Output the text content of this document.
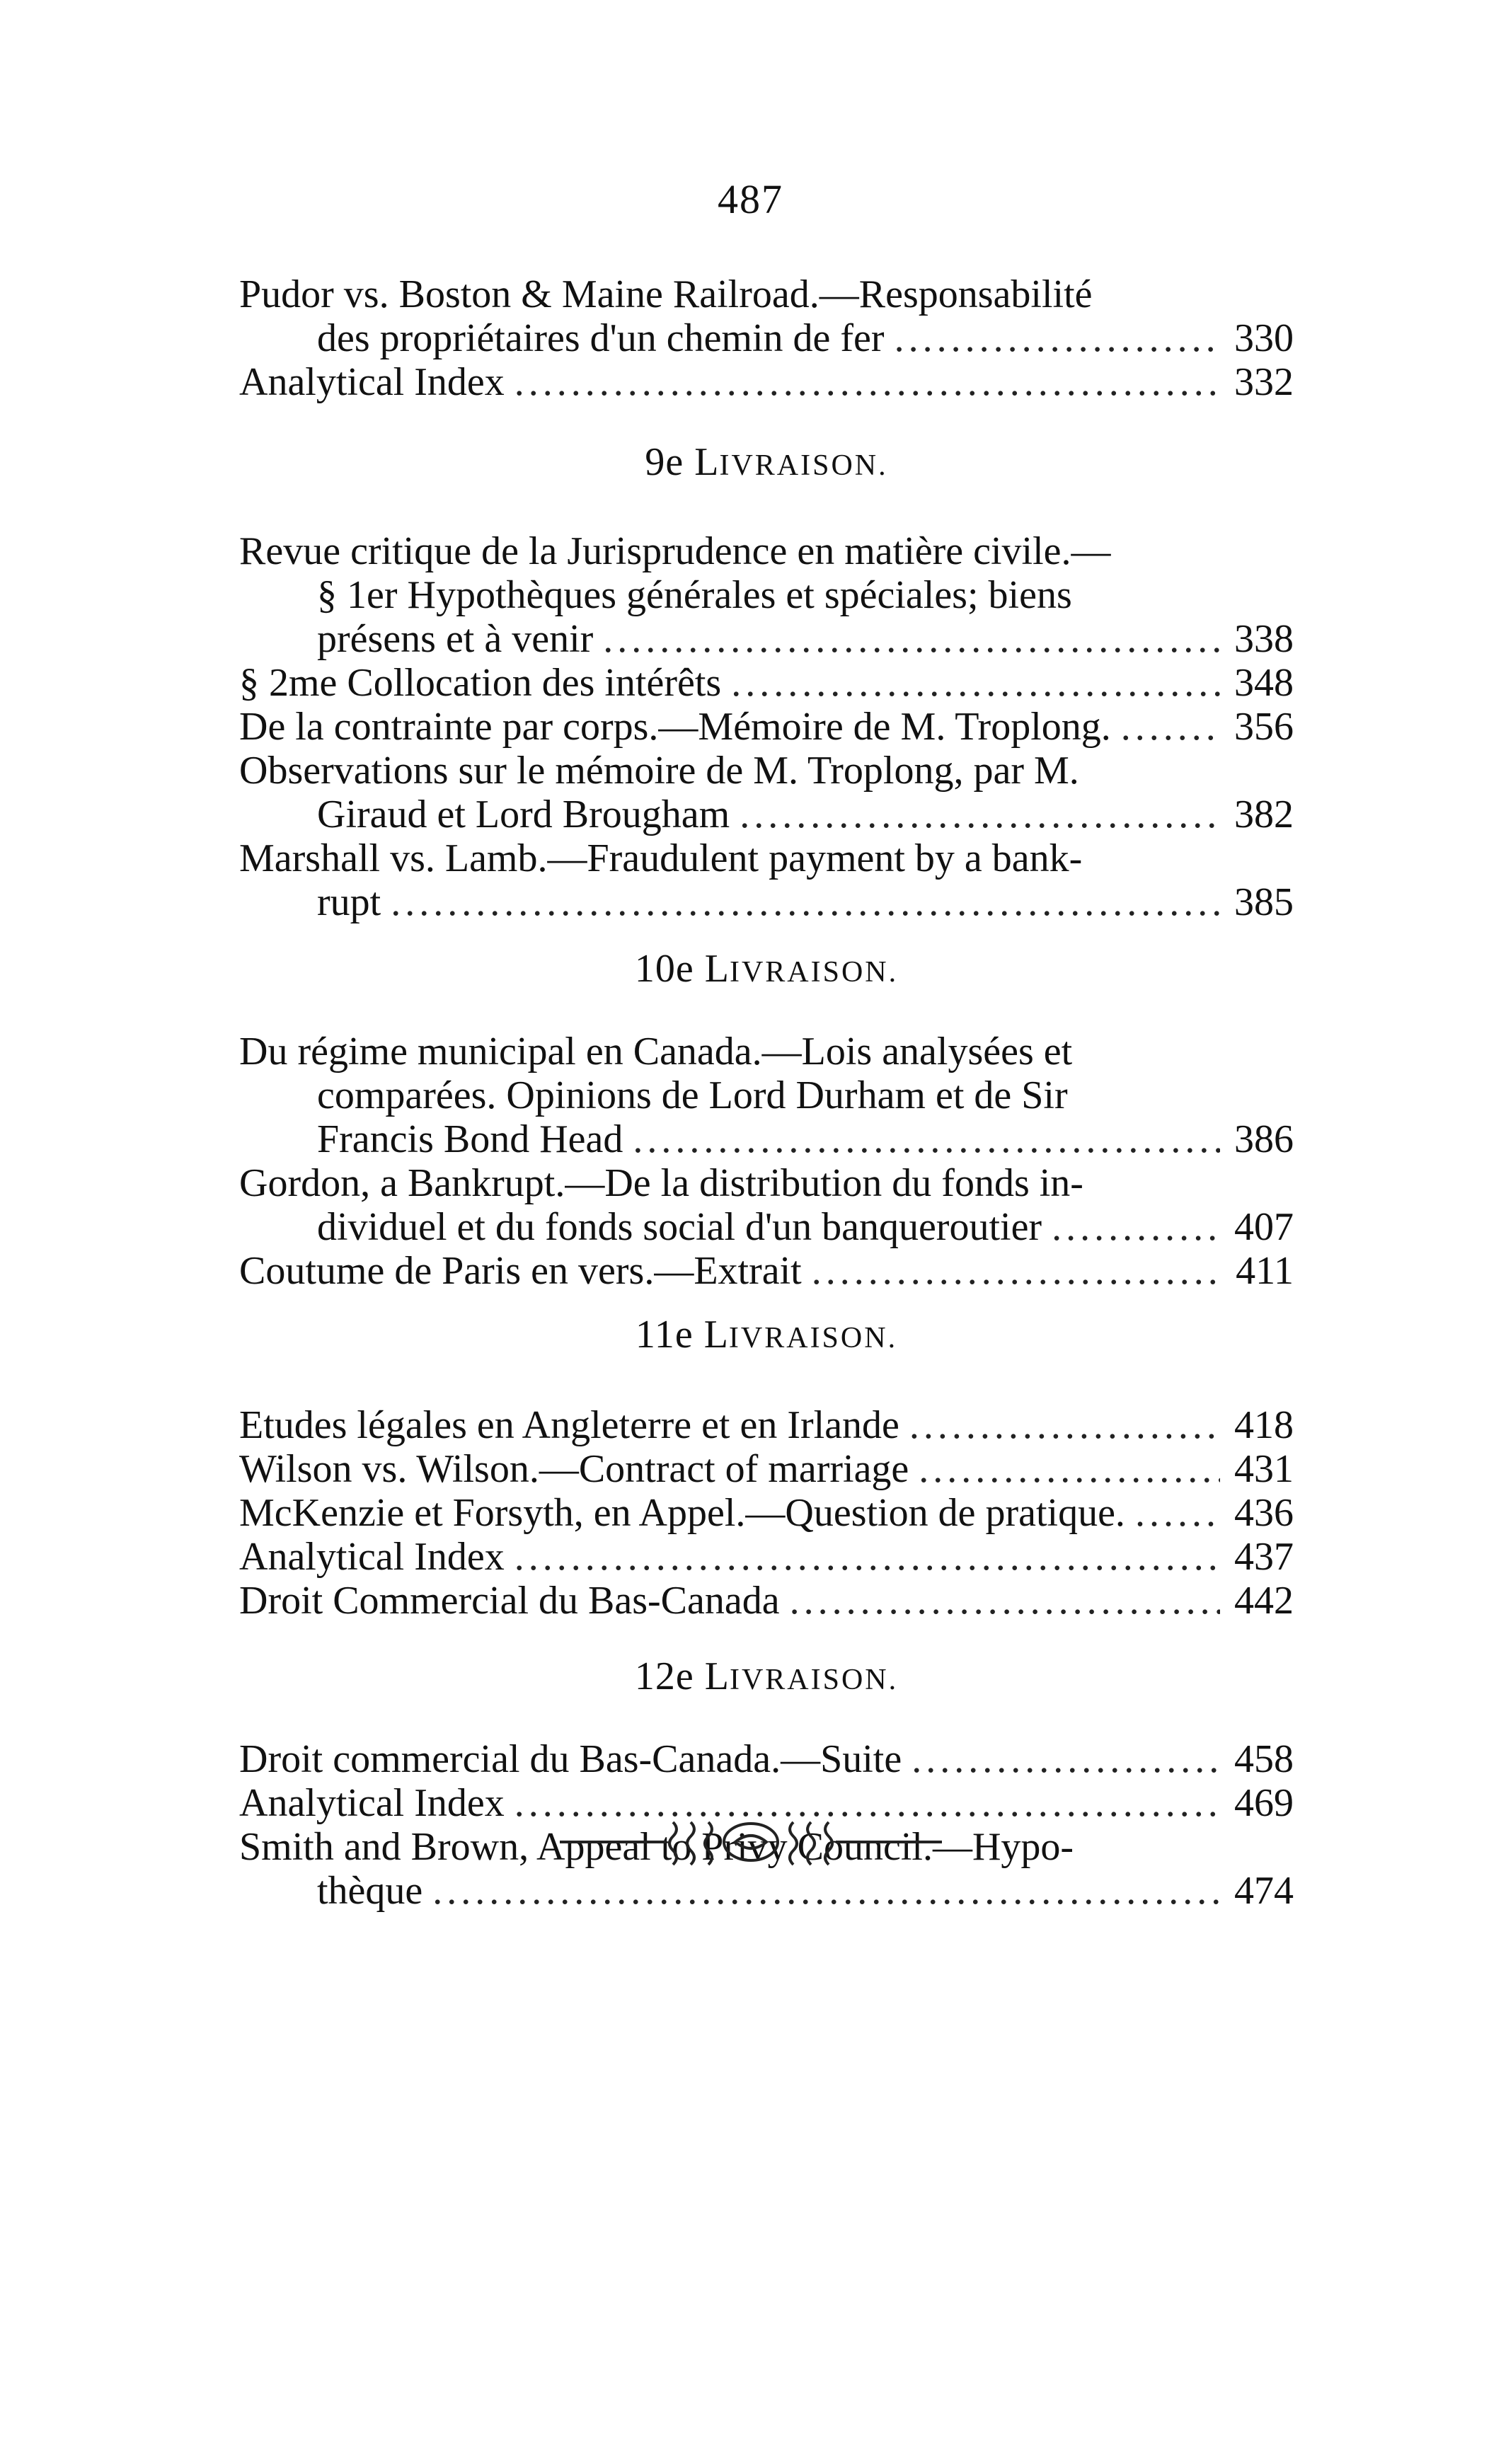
487
Pudor vs. Boston & Maine Railroad.—Responsabilité
des propriétaires d'un chemin de fer .....	330
Analytical Index .....	332

9e LIVRAISON.

Revue critique de la Jurisprudence en matière civile.—
§ 1er Hypothèques générales et spéciales; biens
présens et à venir .....	338
§ 2me Collocation des intérêts .....	348
De la contrainte par corps.—Mémoire de M. Troplong. .....	356
Observations sur le mémoire de M. Troplong, par M.
Giraud et Lord Brougham .....	382
Marshall vs. Lamb.—Fraudulent payment by a bank-
rupt .....	385

10e LIVRAISON.

Du régime municipal en Canada.—Lois analysées et
comparées. Opinions de Lord Durham et de Sir
Francis Bond Head .....	386
Gordon, a Bankrupt.—De la distribution du fonds in-
dividuel et du fonds social d'un banqueroutier .....	407
Coutume de Paris en vers.—Extrait .....	411

11e LIVRAISON.

Etudes légales en Angleterre et en Irlande .....	418
Wilson vs. Wilson.—Contract of marriage .....	431
McKenzie et Forsyth, en Appel.—Question de pratique. .....	436
Analytical Index .....	437
Droit Commercial du Bas-Canada .....	442

12e LIVRAISON.

Droit commercial du Bas-Canada.—Suite .....	458
Analytical Index .....	469
Smith and Brown, Appeal to Privy Council.—Hypo-
thèque .....	474
